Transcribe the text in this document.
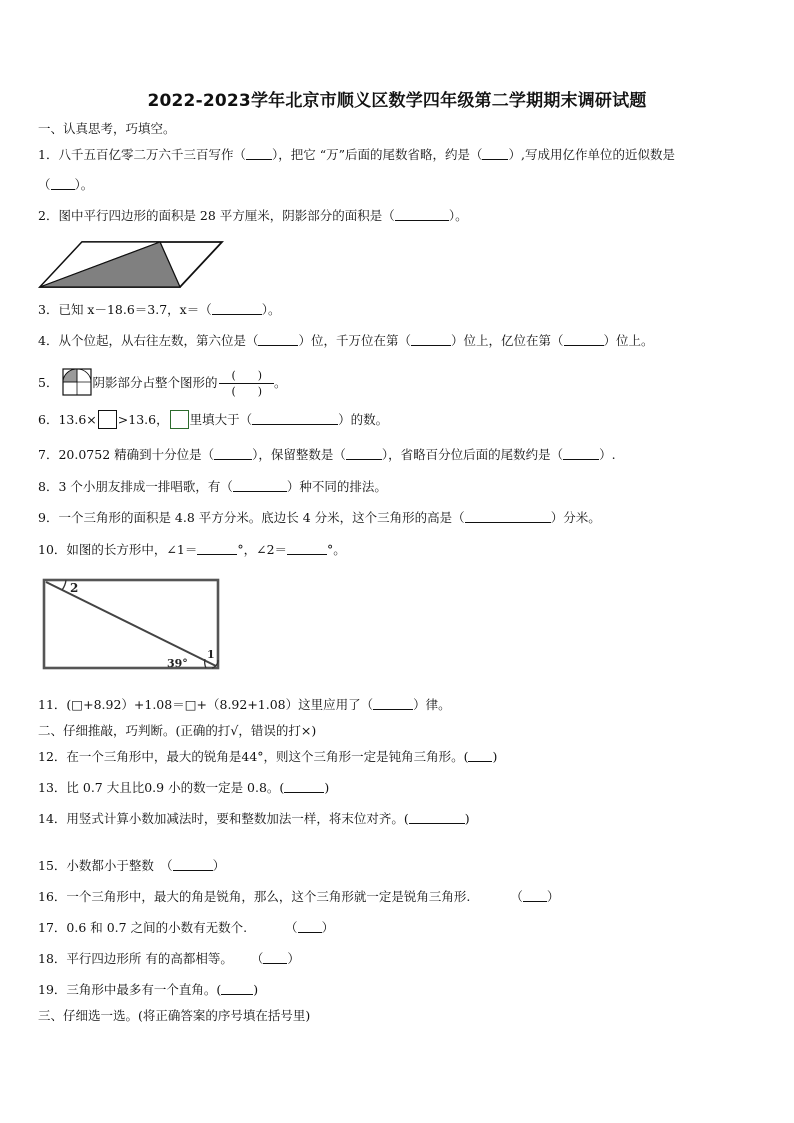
2022-2023学年北京市顺义区数学四年级第二学期期末调研试题
一、认真思考，巧填空。
1．八千五百亿零二万六千三百写作（ ），把它 “万”后面的尾数省略，约是（ ）,写成用亿作单位的近似数是
（ ）。
2．图中平行四边形的面积是 28 平方厘米，阴影部分的面积是（	）。
3．已知 x－18.6＝3.7，x＝（	）。
4．从个位起，从右往左数，第六位是（	）位，千万位在第（	）位上，亿位在第（	）位上。
5．	阴影部分占整个图形的 $\frac{( )}{( )}$ 。
6．13.6× >13.6， 里填大于（	）的数。
7．20.0752 精确到十分位是（	），保留整数是（	），省略百分位后面的尾数约是（	）.
8．3 个小朋友排成一排唱歌，有（	）种不同的排法。
9．一个三角形的面积是 4.8 平方分米。底边长 4 分米，这个三角形的高是（	）分米。
10．如图的长方形中，∠1＝	°，∠2＝	°。
2
39°
1
11．(□+8.92）+1.08＝□+（8.92+1.08）这里应用了（	）律。
二、仔细推敲，巧判断。(正确的打√，错误的打×)
12．在一个三角形中，最大的锐角是44°，则这个三角形一定是钝角三角形。( )
13．比 0.7 大且比0.9 小的数一定是 0.8。(	)
14．用竖式计算小数加减法时，要和整数加法一样，将末位对齐。(	)
15．小数都小于整数　（	）
16．一个三角形中，最大的角是锐角，那么，这个三角形就一定是锐角三角形.	（ ）
17．0.6 和 0.7 之间的小数有无数个.	（ ）
18．平行四边形所 有的高都相等。 （ ）
19．三角形中最多有一个直角。(	)
三、仔细选一选。(将正确答案的序号填在括号里)
